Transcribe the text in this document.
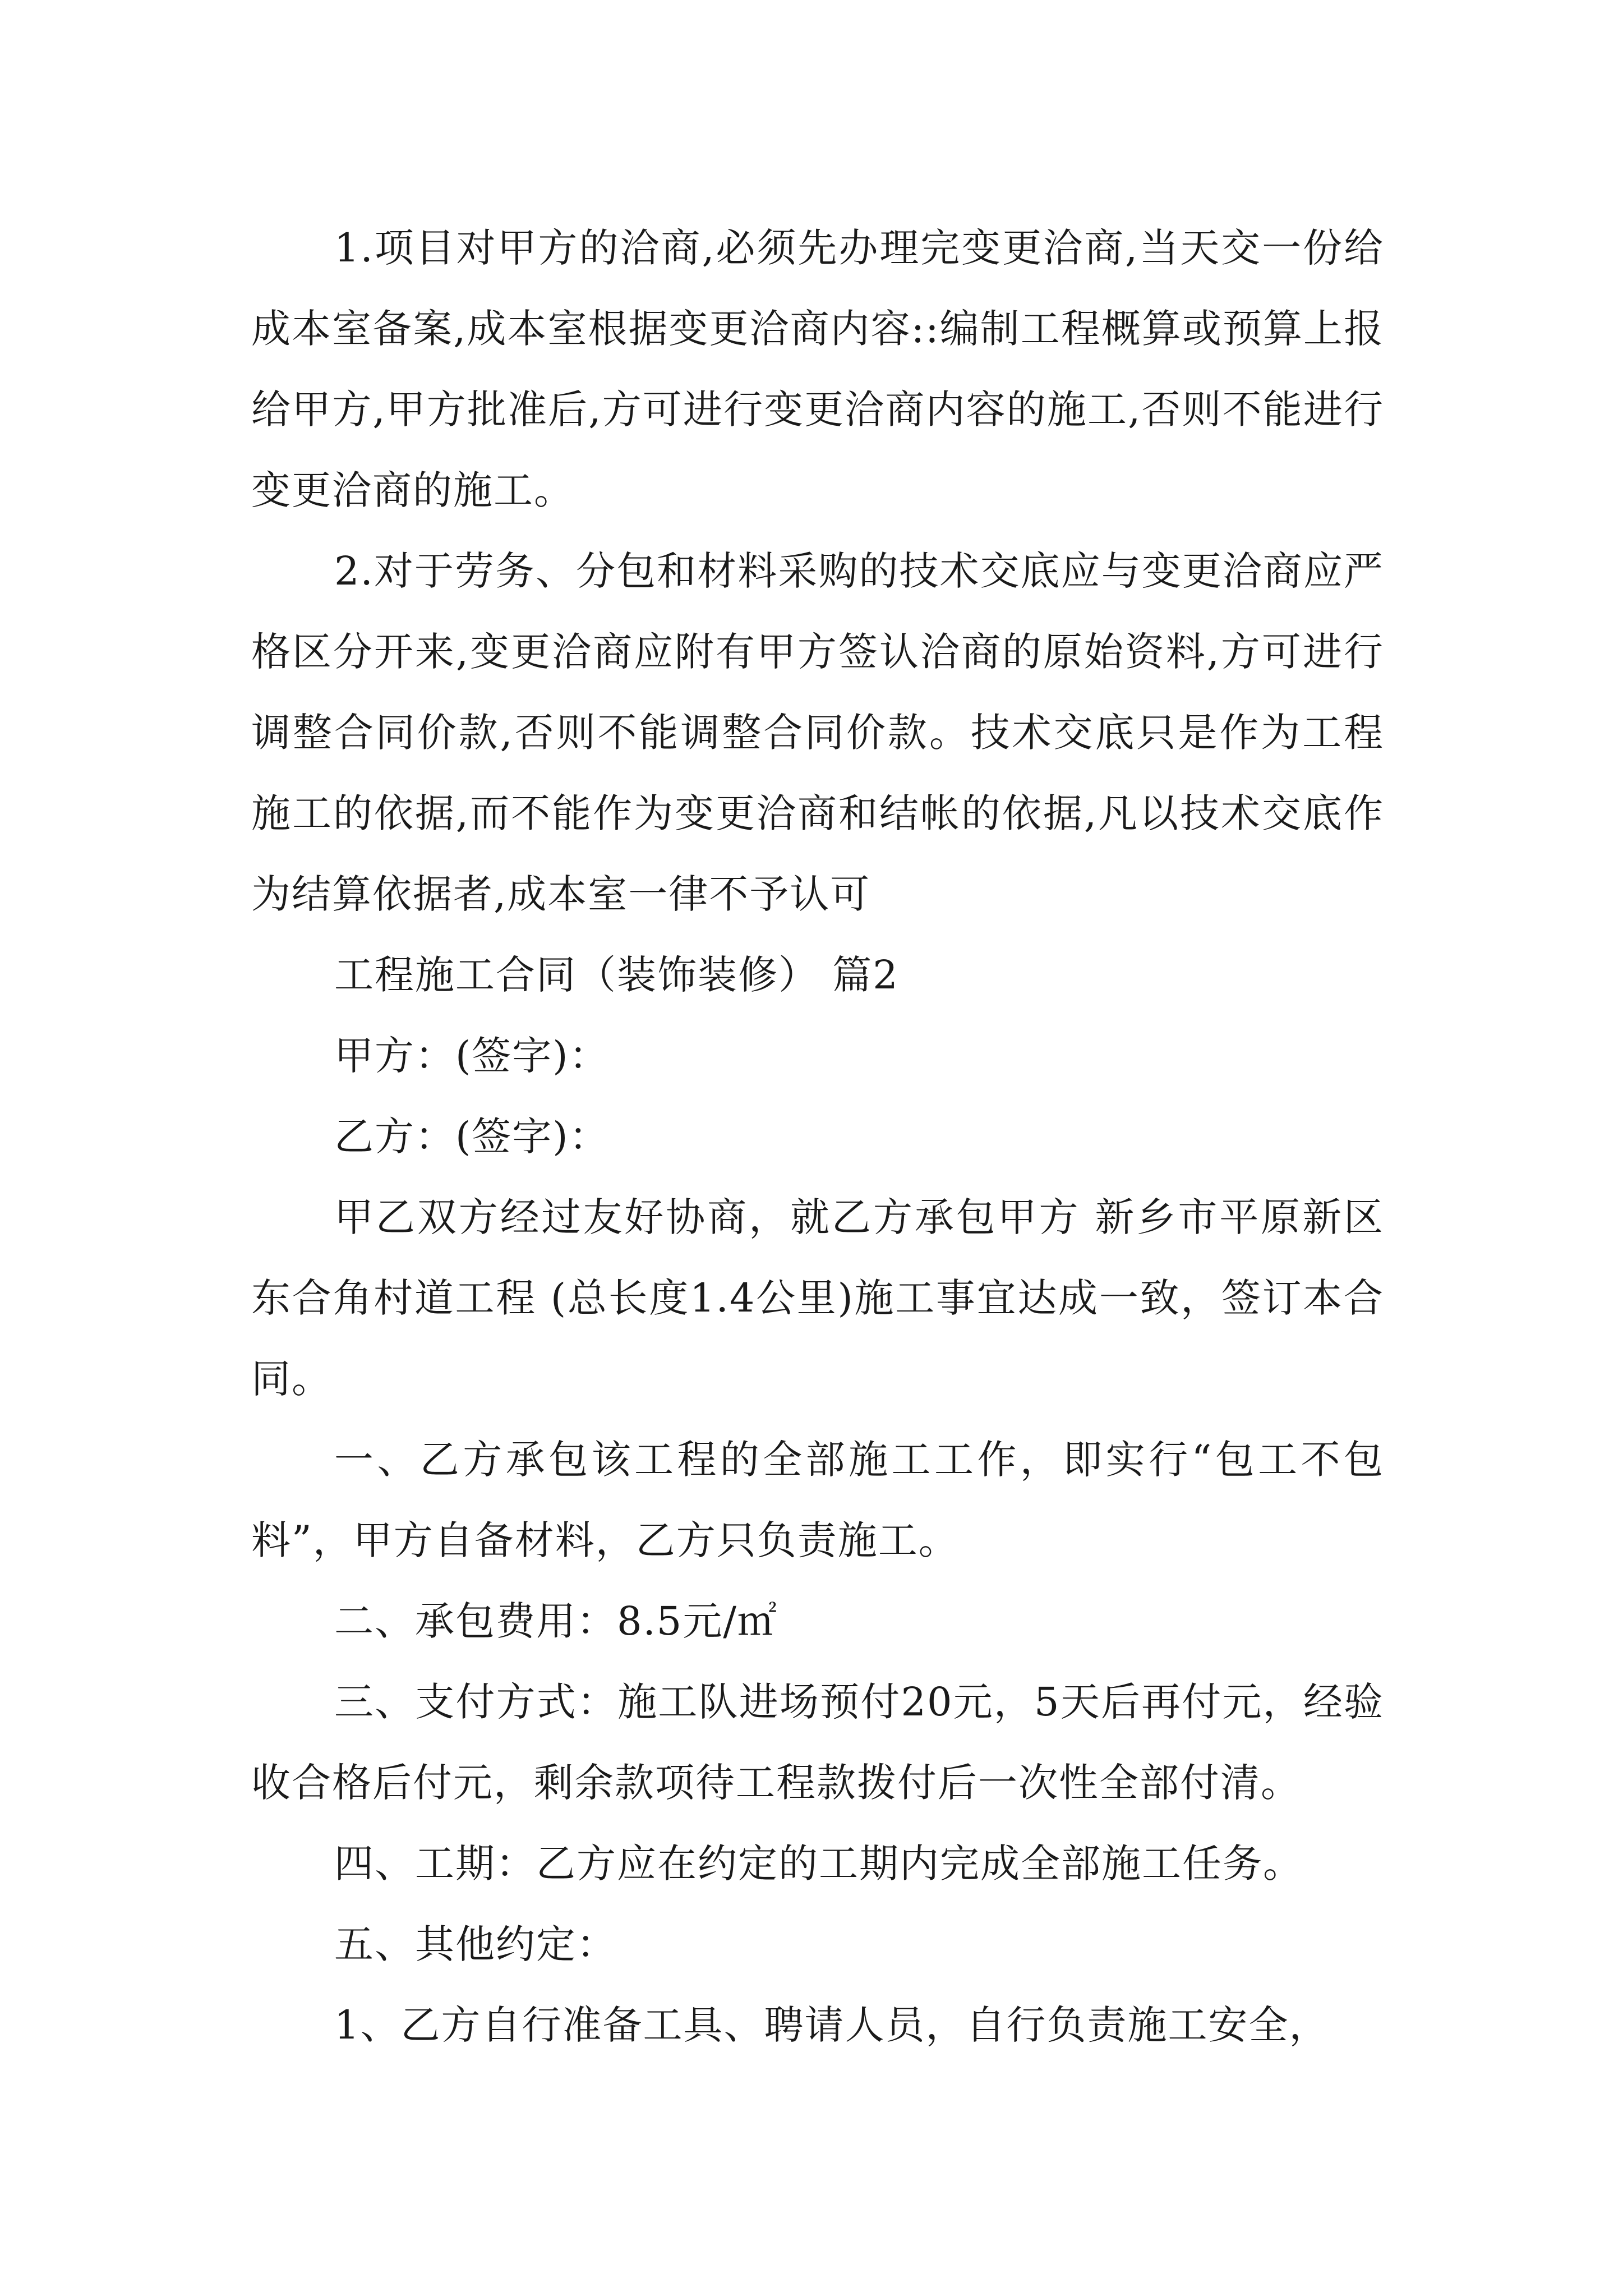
1.项目对甲方的洽商,必须先办理完变更洽商,当天交一份给成本室备案,成本室根据变更洽商内容::编制工程概算或预算上报给甲方,甲方批准后,方可进行变更洽商内容的施工,否则不能进行变更洽商的施工。

2.对于劳务、分包和材料采购的技术交底应与变更洽商应严格区分开来,变更洽商应附有甲方签认洽商的原始资料,方可进行调整合同价款,否则不能调整合同价款。技术交底只是作为工程施工的依据,而不能作为变更洽商和结帐的依据,凡以技术交底作为结算依据者,成本室一律不予认可

工程施工合同（装饰装修） 篇2

甲方：(签字)：

乙方：(签字)：

甲乙双方经过友好协商，就乙方承包甲方 新乡市平原新区东合角村道工程 (总长度1.4公里)施工事宜达成一致，签订本合同。

一、乙方承包该工程的全部施工工作，即实行“包工不包料”，甲方自备材料，乙方只负责施工。

二、承包费用：8.5元/㎡

三、支付方式：施工队进场预付20元，5天后再付元，经验收合格后付元，剩余款项待工程款拨付后一次性全部付清。

四、工期：乙方应在约定的工期内完成全部施工任务。

五、其他约定：

1、乙方自行准备工具、聘请人员，自行负责施工安全，
